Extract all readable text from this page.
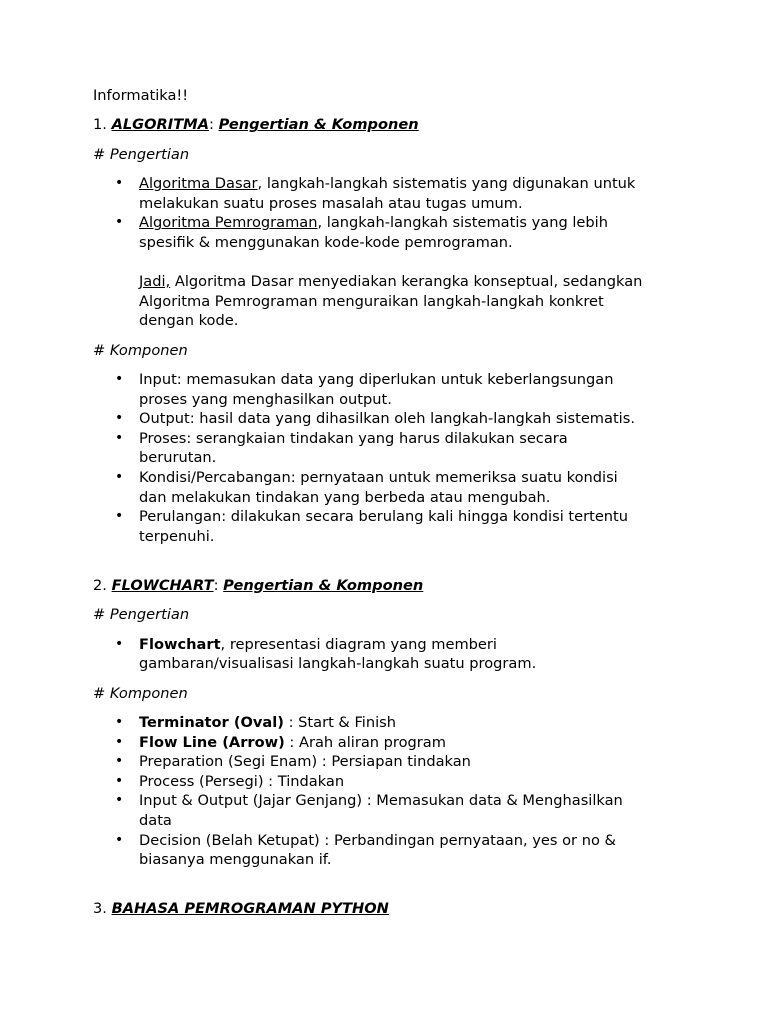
Informatika!!
1. ALGORITMA: Pengertian & Komponen
# Pengertian
• Algoritma Dasar, langkah-langkah sistematis yang digunakan untuk
melakukan suatu proses masalah atau tugas umum.
• Algoritma Pemrograman, langkah-langkah sistematis yang lebih
spesifik & menggunakan kode-kode pemrograman.
Jadi, Algoritma Dasar menyediakan kerangka konseptual, sedangkan
Algoritma Pemrograman menguraikan langkah-langkah konkret
dengan kode.
# Komponen
• Input: memasukan data yang diperlukan untuk keberlangsungan
proses yang menghasilkan output.
• Output: hasil data yang dihasilkan oleh langkah-langkah sistematis.
• Proses: serangkaian tindakan yang harus dilakukan secara
berurutan.
• Kondisi/Percabangan: pernyataan untuk memeriksa suatu kondisi
dan melakukan tindakan yang berbeda atau mengubah.
• Perulangan: dilakukan secara berulang kali hingga kondisi tertentu
terpenuhi.
2. FLOWCHART: Pengertian & Komponen
# Pengertian
• Flowchart, representasi diagram yang memberi
gambaran/visualisasi langkah-langkah suatu program.
# Komponen
• Terminator (Oval) : Start & Finish
• Flow Line (Arrow) : Arah aliran program
• Preparation (Segi Enam) : Persiapan tindakan
• Process (Persegi) : Tindakan
• Input & Output (Jajar Genjang) : Memasukan data & Menghasilkan
data
• Decision (Belah Ketupat) : Perbandingan pernyataan, yes or no &
biasanya menggunakan if.
3. BAHASA PEMROGRAMAN PYTHON
